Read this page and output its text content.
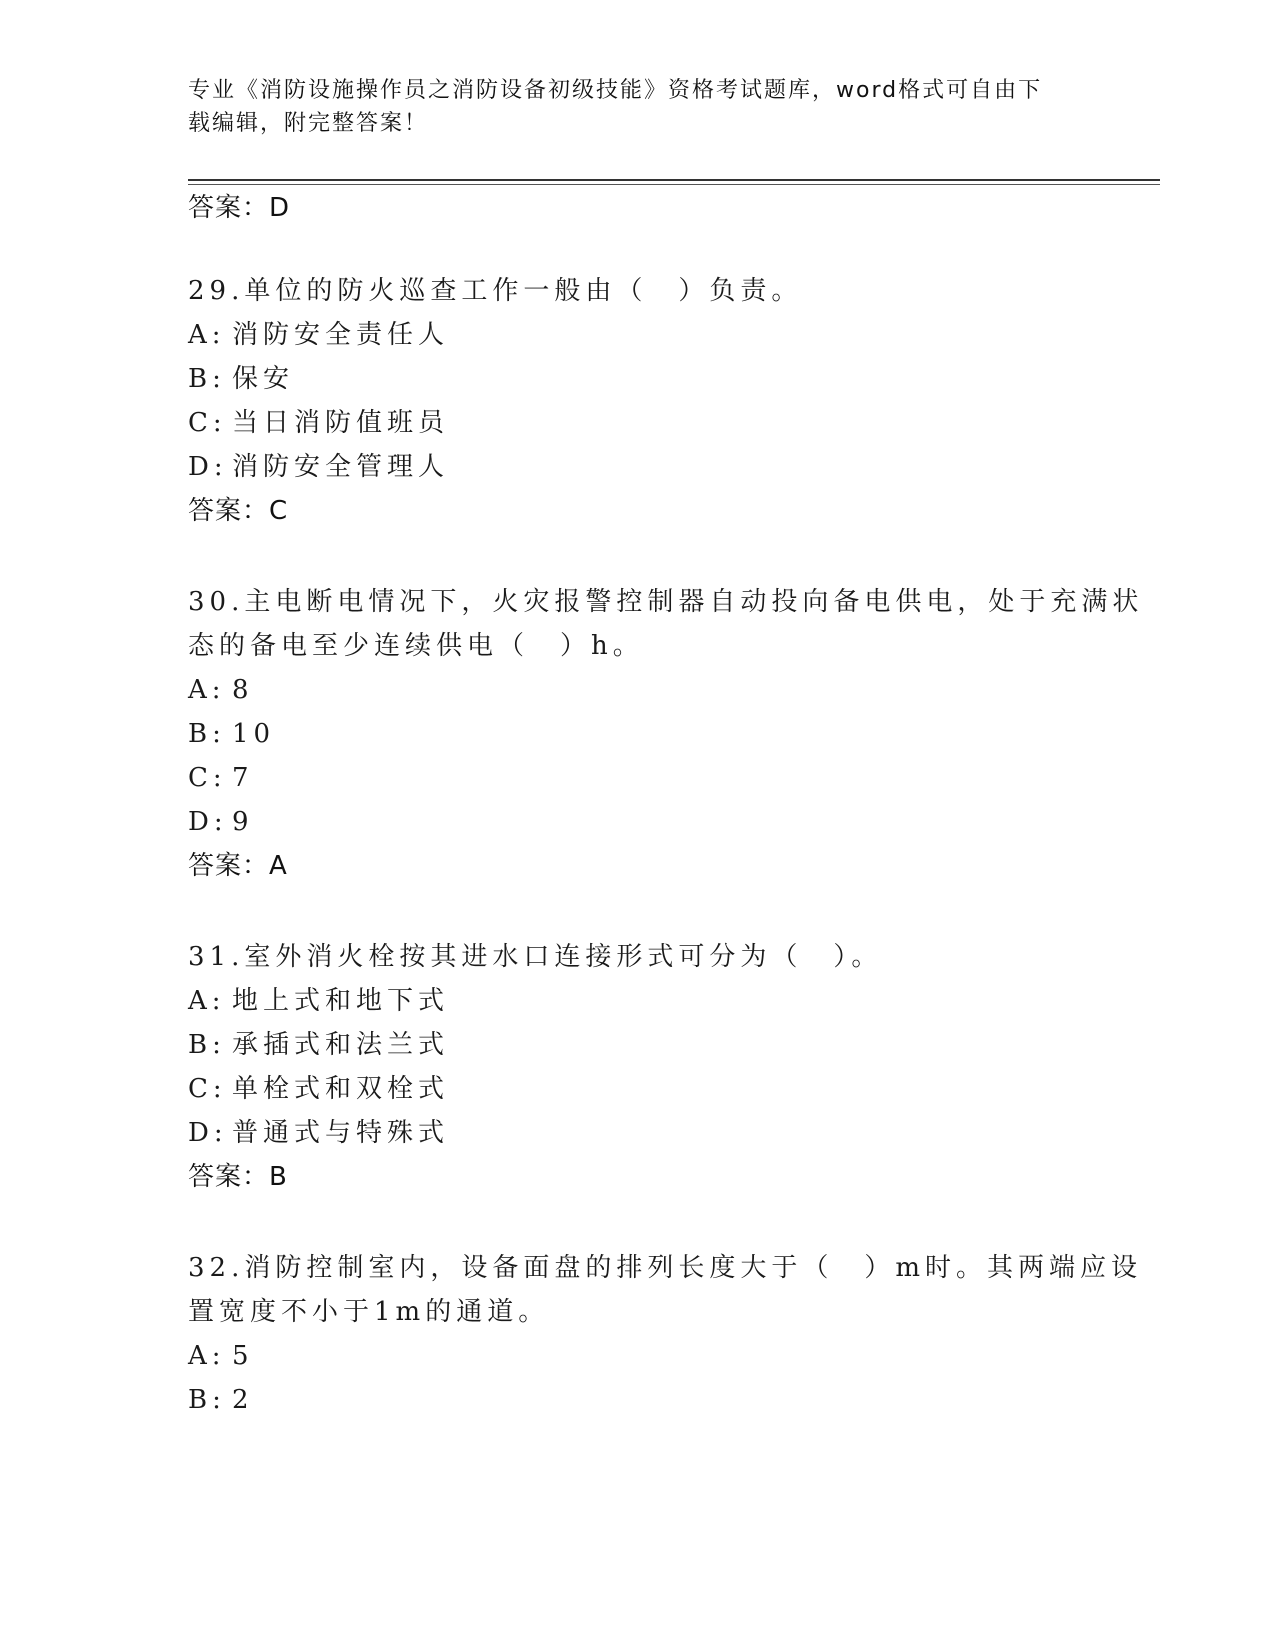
专业《消防设施操作员之消防设备初级技能》资格考试题库，word格式可自由下
载编辑，附完整答案！
答案：D
29.单位的防火巡查工作一般由（　）负责。
A: 消防安全责任人
B: 保安
C: 当日消防值班员
D: 消防安全管理人
答案：C
30.主电断电情况下，火灾报警控制器自动投向备电供电，处于充满状
态的备电至少连续供电（　）h。
A: 8
B: 10
C: 7
D: 9
答案：A
31.室外消火栓按其进水口连接形式可分为（　）。
A: 地上式和地下式
B: 承插式和法兰式
C: 单栓式和双栓式
D: 普通式与特殊式
答案：B
32.消防控制室内，设备面盘的排列长度大于（　）m时。其两端应设
置宽度不小于1m的通道。
A: 5
B: 2
